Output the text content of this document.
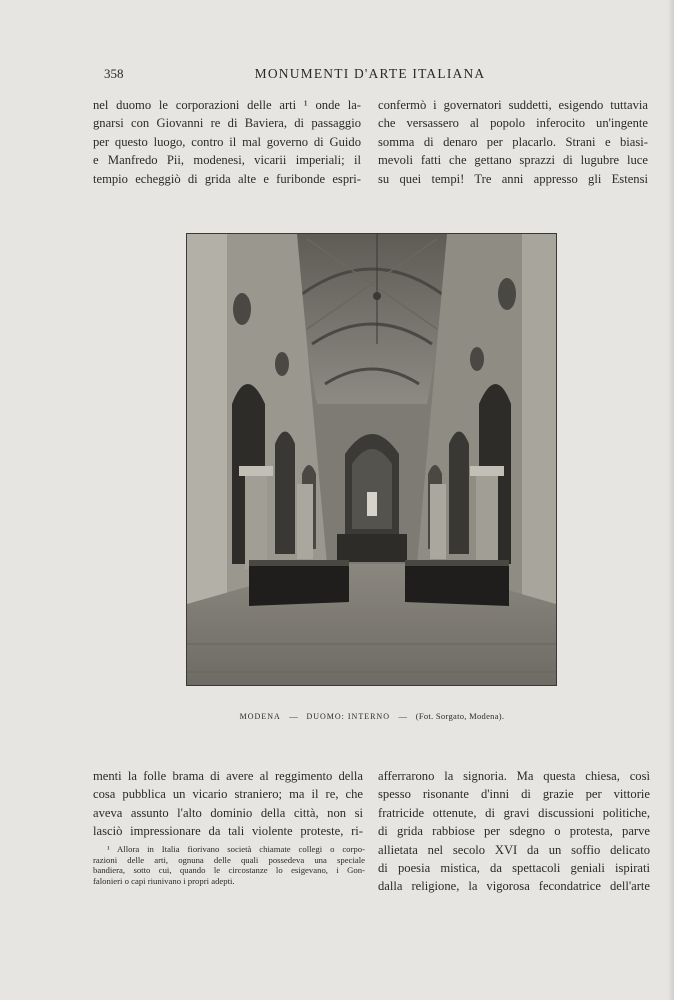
358	MONUMENTI D'ARTE ITALIANA
nel duomo le corporazioni delle arti ¹ onde la-
gnarsi con Giovanni re di Baviera, di passaggio
per questo luogo, contro il mal governo di Guido
e Manfredo Pii, modenesi, vicarii imperiali; il
tempio echeggiò di grida alte e furibonde espri-
confermò i governatori suddetti, esigendo tuttavia
che versassero al popolo inferocito un'ingente
somma di denaro per placarlo. Strani e biasi-
mevoli fatti che gettano sprazzi di lugubre luce
su quei tempi! Tre anni appresso gli Estensi
MODENA — DUOMO: INTERNO — (Fot. Sorgato, Modena).
menti la folle brama di avere al reggimento della
cosa pubblica un vicario straniero; ma il re, che
aveva assunto l'alto dominio della città, non si
lasciò impressionare da tali violente proteste, ri-
¹ Allora in Italia fiorivano società chiamate collegi o corpo-
razioni delle arti, ognuna delle quali possedeva una speciale
bandiera, sotto cui, quando le circostanze lo esigevano, i Gon-
falonieri o capi riunivano i propri adepti.
afferrarono la signoria. Ma questa chiesa, così
spesso risonante d'inni di grazie per vittorie
fratricide ottenute, di gravi discussioni politiche,
di grida rabbiose per sdegno o protesta, parve
allietata nel secolo XVI da un soffio delicato
di poesia mistica, da spettacoli geniali ispirati
dalla religione, la vigorosa fecondatrice dell'arte
